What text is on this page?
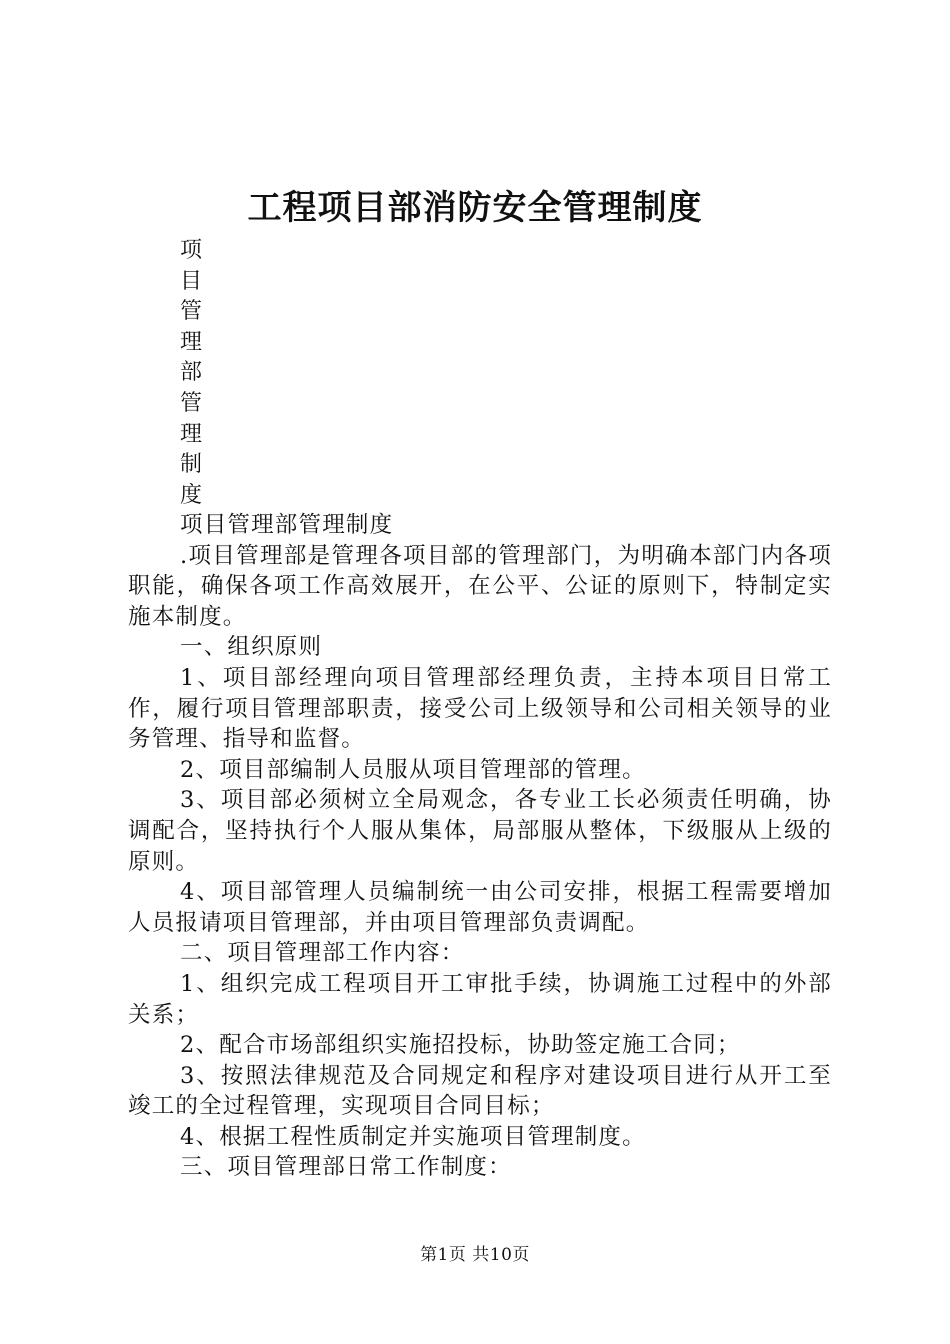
工程项目部消防安全管理制度
项
目
管
理
部
管
理
制
度

项目管理部管理制度

.项目管理部是管理各项目部的管理部门，为明确本部门内各项职能，确保各项工作高效展开，在公平、公证的原则下，特制定实施本制度。

一、组织原则

1、项目部经理向项目管理部经理负责，主持本项目日常工作，履行项目管理部职责，接受公司上级领导和公司相关领导的业务管理、指导和监督。

2、项目部编制人员服从项目管理部的管理。

3、项目部必须树立全局观念，各专业工长必须责任明确，协调配合，坚持执行个人服从集体，局部服从整体，下级服从上级的原则。

4、项目部管理人员编制统一由公司安排，根据工程需要增加人员报请项目管理部，并由项目管理部负责调配。

二、项目管理部工作内容：

1、组织完成工程项目开工审批手续，协调施工过程中的外部关系；

2、配合市场部组织实施招投标，协助签定施工合同；

3、按照法律规范及合同规定和程序对建设项目进行从开工至竣工的全过程管理，实现项目合同目标；

4、根据工程性质制定并实施项目管理制度。

三、项目管理部日常工作制度：

第1页 共10页
